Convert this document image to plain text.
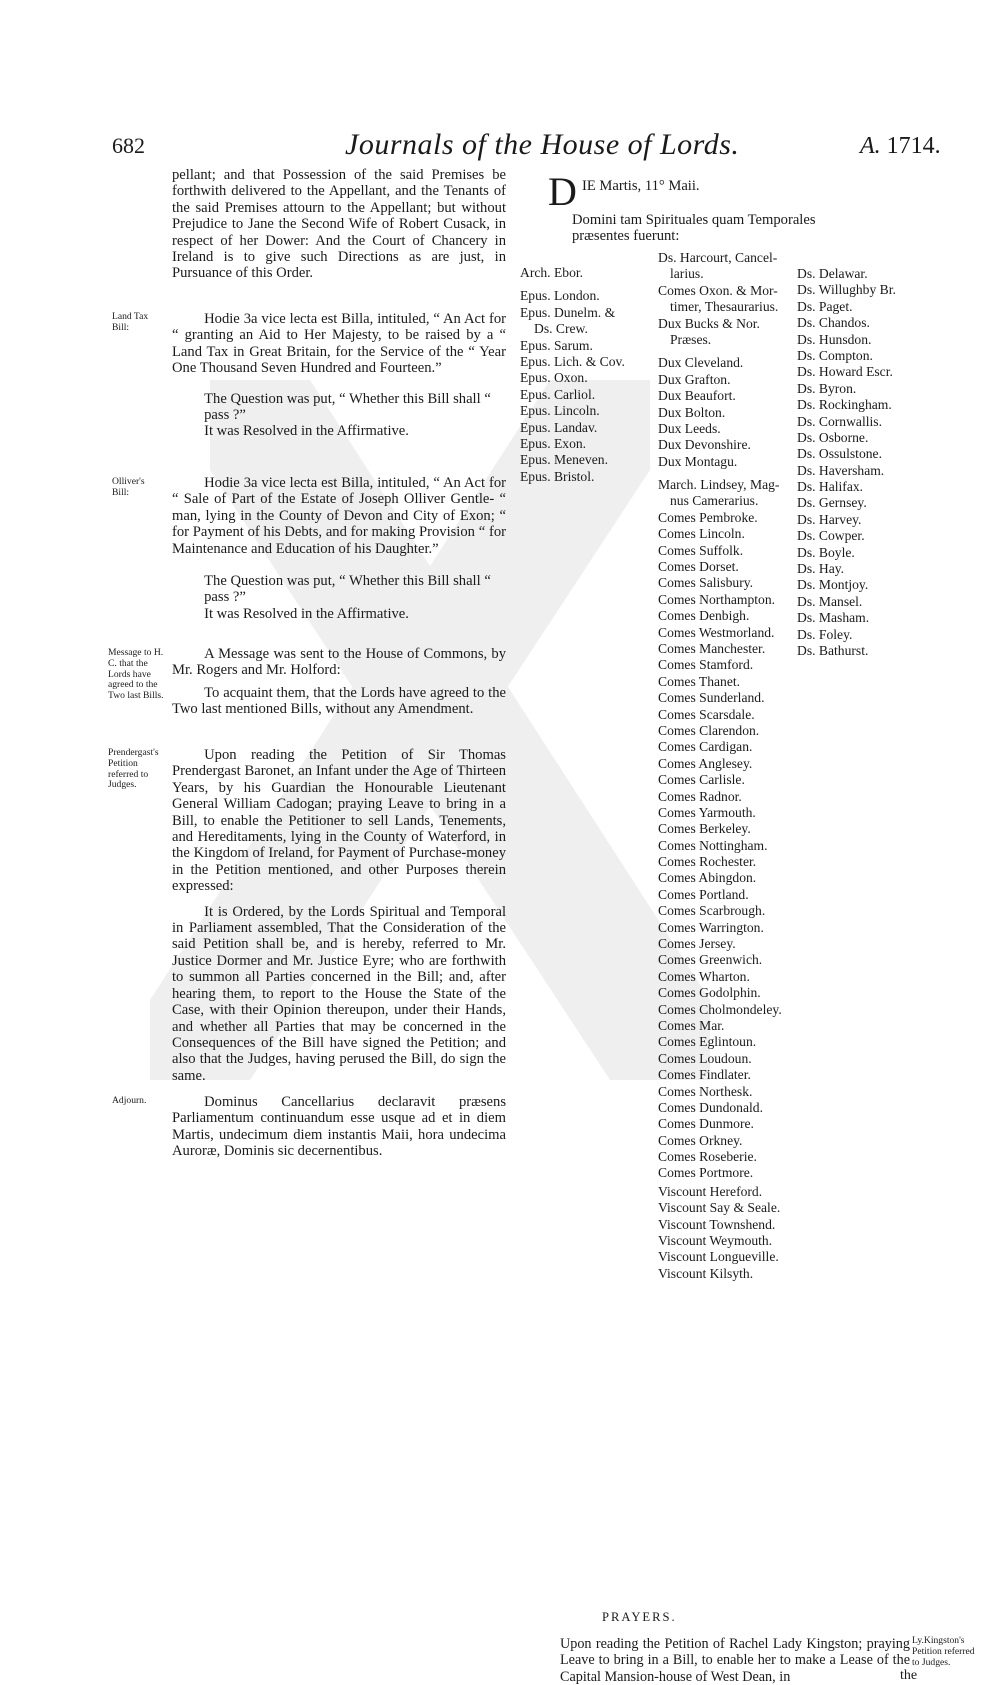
682	Journals of the House of Lords.	A. 1714.

pellant; and that Possession of the said Premises be forthwith delivered to the Appellant, and the Tenants of the said Premises attourn to the Appellant; but without Prejudice to Jane the Second Wife of Robert Cusack, in respect of her Dower: And the Court of Chancery in Ireland is to give such Directions as are just, in Pursuance of this Order.

Land Tax Bill:

Hodie 3a vice lecta est Billa, intituled, “ An Act for “ granting an Aid to Her Majesty, to be raised by a “ Land Tax in Great Britain, for the Service of the “ Year One Thousand Seven Hundred and Fourteen.”

The Question was put, “ Whether this Bill shall “ pass ?”

It was Resolved in the Affirmative.

Olliver's Bill:

Hodie 3a vice lecta est Billa, intituled, “ An Act for “ Sale of Part of the Estate of Joseph Olliver Gentle- “ man, lying in the County of Devon and City of Exon; “ for Payment of his Debts, and for making Provision “ for Maintenance and Education of his Daughter.”

The Question was put, “ Whether this Bill shall “ pass ?”

It was Resolved in the Affirmative.

Message to H. C. that the Lords have agreed to the Two last Bills.

A Message was sent to the House of Commons, by Mr. Rogers and Mr. Holford:

To acquaint them, that the Lords have agreed to the Two last mentioned Bills, without any Amendment.

Prendergast's Petition referred to Judges.

Upon reading the Petition of Sir Thomas Prendergast Baronet, an Infant under the Age of Thirteen Years, by his Guardian the Honourable Lieutenant General William Cadogan; praying Leave to bring in a Bill, to enable the Petitioner to sell Lands, Tenements, and Hereditaments, lying in the County of Waterford, in the Kingdom of Ireland, for Payment of Purchase-money in the Petition mentioned, and other Purposes therein expressed:

It is Ordered, by the Lords Spiritual and Temporal in Parliament assembled, That the Consideration of the said Petition shall be, and is hereby, referred to Mr. Justice Dormer and Mr. Justice Eyre; who are forthwith to summon all Parties concerned in the Bill; and, after hearing them, to report to the House the State of the Case, with their Opinion thereupon, under their Hands, and whether all Parties that may be concerned in the Consequences of the Bill have signed the Petition; and also that the Judges, having perused the Bill, do sign the same.

Adjourn.	Dominus Cancellarius declaravit præsens Parliamentum continuandum esse usque ad et in diem Martis, undecimum diem instantis Maii, hora undecima Auroræ, Dominis sic decernentibus.

D IE Martis, 11° Maii.
Domini tam Spirituales quam Temporales præsentes fuerunt:
Arch. Ebor.
Epus. London.
Epus. Dunelm. &
Ds. Crew.
Epus. Sarum.
Epus. Lich. & Cov.
Epus. Oxon.
Epus. Carliol.
Epus. Lincoln.
Epus. Landav.
Epus. Exon.
Epus. Meneven.
Epus. Bristol.
Ds. Harcourt, Cancel-
larius.
Comes Oxon. & Mor-
timer, Thesaurarius.
Dux Bucks & Nor.
Præses.
Dux Cleveland.
Dux Grafton.
Dux Beaufort.
Dux Bolton.
Dux Leeds.
Dux Devonshire.
Dux Montagu.
March. Lindsey, Mag-
nus Camerarius.
Comes Pembroke.
Comes Lincoln.
Comes Suffolk.
Comes Dorset.
Comes Salisbury.
Comes Northampton.
Comes Denbigh.
Comes Westmorland.
Comes Manchester.
Comes Stamford.
Comes Thanet.
Comes Sunderland.
Comes Scarsdale.
Comes Clarendon.
Comes Cardigan.
Comes Anglesey.
Comes Carlisle.
Comes Radnor.
Comes Yarmouth.
Comes Berkeley.
Comes Nottingham.
Comes Rochester.
Comes Abingdon.
Comes Portland.
Comes Scarbrough.
Comes Warrington.
Comes Jersey.
Comes Greenwich.
Comes Wharton.
Comes Godolphin.
Comes Cholmondeley.
Comes Mar.
Comes Eglintoun.
Comes Loudoun.
Comes Findlater.
Comes Northesk.
Comes Dundonald.
Comes Dunmore.
Comes Orkney.
Comes Roseberie.
Comes Portmore.
Viscount Hereford.
Viscount Say & Seale.
Viscount Townshend.
Viscount Weymouth.
Viscount Longueville.
Viscount Kilsyth.
Ds. Delawar.
Ds. Willughby Br.
Ds. Paget.
Ds. Chandos.
Ds. Hunsdon.
Ds. Compton.
Ds. Howard Escr.
Ds. Byron.
Ds. Rockingham.
Ds. Cornwallis.
Ds. Osborne.
Ds. Ossulstone.
Ds. Haversham.
Ds. Halifax.
Ds. Gernsey.
Ds. Harvey.
Ds. Cowper.
Ds. Boyle.
Ds. Hay.
Ds. Montjoy.
Ds. Mansel.
Ds. Masham.
Ds. Foley.
Ds. Bathurst.
PRAYERS.
Upon reading the Petition of Rachel Lady Kingston; praying Leave to bring in a Bill, to enable her to make a Lease of the Capital Mansion-house of West Dean, in
Ly.Kingston's Petition referred to Judges.
the
